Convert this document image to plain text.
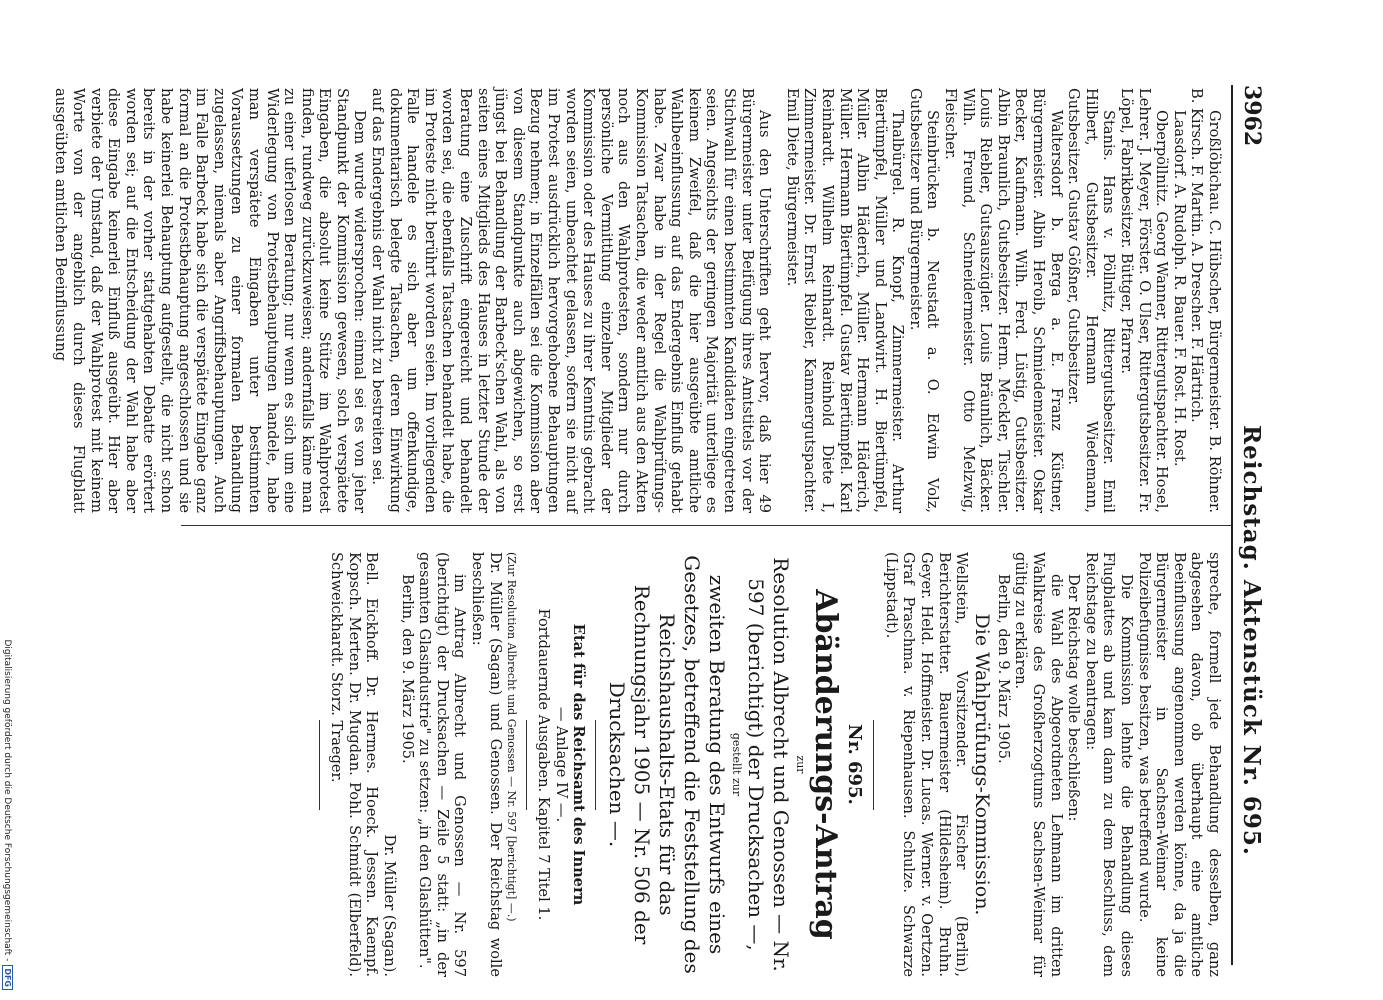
3962
Reichstag. Aktenstück Nr. 695.

Großlöbichau. C. Hübscher, Bürgermeister. B. Röhner. B. Kirsch. F. Martin. A. Drescher. F. Härtrich.

Laasdorf. A. Rudolph. R. Bauer. F. Rost. H. Rost.

Oberpöllnitz. Georg Wanner, Rittergutspachter. Hosel, Lehrer. J. Meyer, Förster. O. Ulser, Rittergutsbesitzer. Fr. Löpel, Fabrikbesitzer. Büttger, Pfarrer.

Stanis. Hans v. Pöllnitz, Rittergutsbesitzer. Emil Hilbert, Gutsbesitzer. Hermann Wiedemann, Gutsbesitzer. Gustav Gößner, Gutsbesitzer.

Waltersdorf b. Berga a. E. Franz Küstner, Bürgermeister. Albin Heroib, Schmiedemeister. Oskar Becker, Kaufmann. Wilh. Ferd. Lüstig, Gutsbesitzer. Albin Braunlich, Gutsbesitzer. Herm. Meckler, Tischler. Louis Riebler, Gutsauszügler. Louis Bräunlich, Bäcker. Wilh. Freund, Schneidermeister. Otto Melzwig, Fleischer.

Steinbrücken b. Neustadt a. O. Edwin Volz, Gutsbesitzer und Bürgermeister.

Thalbürgel. R. Knopf, Zimmermeister. Arthur Biertümpfel, Müller und Landwirt. H. Biertümpfel, Müller. Albin Häderich, Müller. Hermann Häderich, Müller. Hermann Biertümpfel. Gustav Biertümpfel. Karl Reinhardt. Wilhelm Reinhardt. Reinhold Diete I, Zimmermeister. Dr. Ernst Riebler, Kammergutspachter. Emil Diete, Bürgermeister.

Aus den Unterschriften geht hervor, daß hier 49 Bürgermeister unter Beifügung ihres Amtstitels vor der Stichwahl für einen bestimmten Kandidaten eingetreten seien. Angesichts der geringen Majorität unterliege es keinem Zweifel, daß die hier ausgeübte amtliche Wahlbeeinflussung auf das Endergebnis Einfluß gehabt habe. Zwar habe in der Regel die Wahlprüfungs-Kommission Tatsachen, die weder amtlich aus den Akten noch aus den Wahlprotesten, sondern nur durch persönliche Vermittlung einzelner Mitglieder der Kommission oder des Hauses zu ihrer Kenntnis gebracht worden seien, unbeachtet gelassen, sofern sie nicht auf im Protest ausdrücklich hervorgehobene Behauptungen Bezug nehmen; in Einzelfällen sei die Kommission aber von diesem Standpunkte auch abgewichen, so erst jüngst bei Behandlung der Barbeck'schen Wahl, als von seiten eines Mitglieds des Hauses in letzter Stunde der Beratung eine Zuschrift eingereicht und behandelt worden sei, die ebenfalls Tatsachen behandelt habe, die im Proteste nicht berührt worden seien. Im vorliegenden Falle handele es sich aber um offenkundige, dokumentarisch belegte Tatsachen, deren Einwirkung auf das Endergebnis der Wahl nicht zu bestreiten sei.

Dem wurde widersprochen: einmal sei es von jeher Standpunkt der Kommission gewesen, solch verspätete Eingaben, die absolut keine Stütze im Wahlprotest finden, rundweg zurückzuweisen; andernfalls käme man zu einer uferlosen Beratung; nur wenn es sich um eine Widerlegung von Protestbehauptungen handele, habe man verspätete Eingaben unter bestimmten Voraussetzungen zu einer formalen Behandlung zugelassen, niemals aber Angriffsbehauptungen. Auch im Falle Barbeck habe sich die verspätete Eingabe ganz formal an die Protestbehauptung angeschlossen und sie habe keinerlei Behauptung aufgestellt, die nicht schon bereits in der vorher stattgehabten Debatte erörtert worden sei; auf die Entscheidung der Wahl habe aber diese Eingabe keinerlei Einfluß ausgeübt. Hier aber verbiete der Umstand, daß der Wahlprotest mit keinem Worte von der angeblich durch dieses Flugblatt ausgeübten amtlichen Beeinflussung

spreche, formell jede Behandlung desselben, ganz abgesehen davon, ob überhaupt eine amtliche Beeinflussung angenommen werden könne, da ja die Bürgermeister in Sachsen-Weimar keine Polizeibefugnisse besitzen, was betreffend wurde.

Die Kommission lehnte die Behandlung dieses Flugblattes ab und kam dann zu dem Beschluss, dem Reichstage zu beantragen:

Der Reichstag wolle beschließen:

die Wahl des Abgeordneten Lehmann im dritten Wahlkreise des Großherzogtums Sachsen-Weimar für gültig zu erklären.

Berlin, den 9. März 1905.

Die Wahlprüfungs-Kommission.

Wellstein, Vorsitzender. Fischer (Berlin), Berichterstatter. Bauermeister (Hildesheim). Bruhn. Geyer. Held. Hoffmeister. Dr. Lucas. Werner. v. Oertzen. Graf Praschma. v. Riepenhausen. Schulze. Schwarze (Lippstadt).

Nr. 695.

Abänderungs-Antrag

zur

Resolution Albrecht und Genossen — Nr. 597 (berichtigt) der Drucksachen —,

gestellt zur

zweiten Beratung des Entwurfs eines Gesetzes, betreffend die Feststellung des Reichshaushalts-Etats für das Rechnungsjahr 1905 — Nr. 506 der Drucksachen —.

Etat für das Reichsamt des Innern

— Anlage IV —.

Fortdauernde Ausgaben. Kapitel 7 Titel 1.

(Zur Resolution Albrecht und Genossen — Nr. 597 [berichtigt] —.)

Dr. Müller (Sagan) und Genossen. Der Reichstag wolle beschließen:

im Antrag Albrecht und Genossen — Nr. 597 (berichtigt) der Drucksachen — Zeile 5 statt: „in der gesamten Glasindustrie" zu setzen: „in den Glashütten".

Berlin, den 9. März 1905.

Dr. Müller (Sagan).

Bell. Eickhoff. Dr. Hermes. Hoeck. Jessen. Kaempf. Kopsch. Merten. Dr. Mugdan. Pohl. Schmidt (Elberfeld). Schweickhardt. Storz. Traeger.

Digitalisierung gefördert durch die Deutsche Forschungsgemeinschaft -DFG
